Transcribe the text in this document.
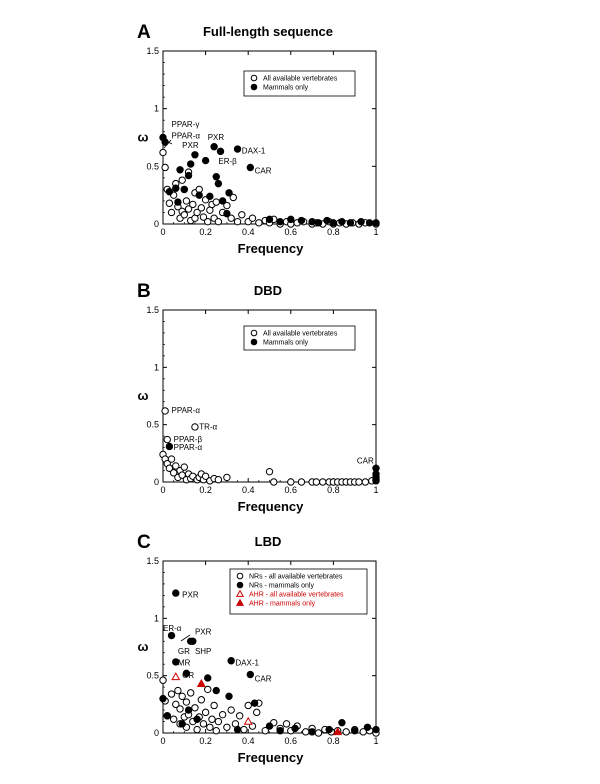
A	Full-length sequence
0
0.5
1
1.5
0	0.2	0.4	0.6	0.8	1
Frequency
ω
PPAR-γ
PPAR-α
PXR
PXR
DAX-1
ER-β
CAR
All available vertebrates
Mammals only
B	DBD
0
0.5
1
1.5
0	0.2	0.4	0.6	0.8	1
Frequency
ω
PPAR-α
TR-α
PPAR-β
PPAR-α
CAR
All available vertebrates
Mammals only
C	LBD
0
0.5
1
1.5
0	0.2	0.4	0.6	0.8	1
Frequency
ω
PXR
ER-α PXR
GR SHP
MR
GR
DAX-1
CAR
NRs - all available vertebrates
NRs - mammals only
AHR - all available vertebrates
AHR - mammals only
